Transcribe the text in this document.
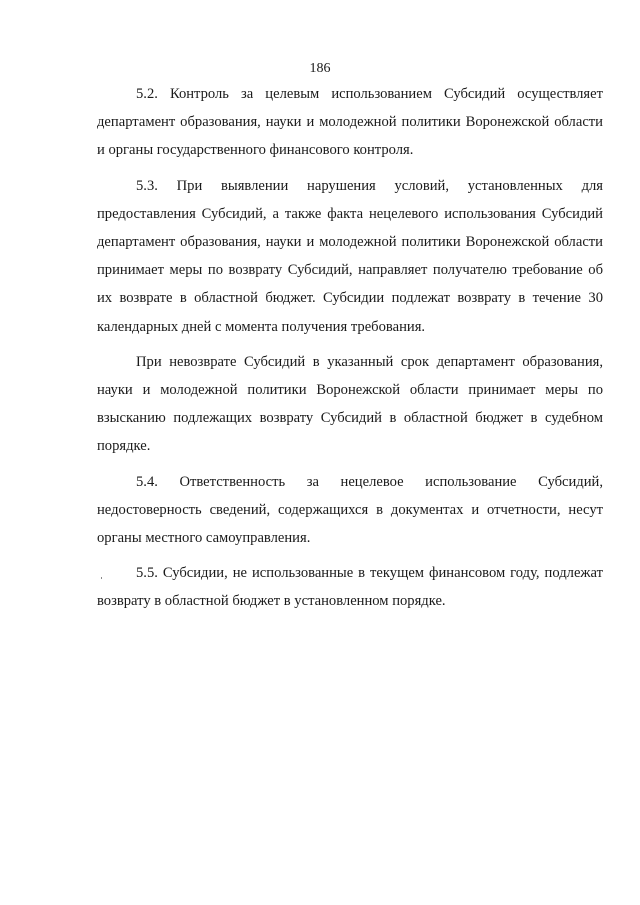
186

5.2. Контроль за целевым использованием Субсидий осуществляет департамент образования, науки и молодежной политики Воронежской области и органы государственного финансового контроля.

5.3. При выявлении нарушения условий, установленных для предоставления Субсидий, а также факта нецелевого использования Субсидий департамент образования, науки и молодежной политики Воронежской области принимает меры по возврату Субсидий, направляет получателю требование об их возврате в областной бюджет. Субсидии подлежат возврату в течение 30 календарных дней с момента получения требования.

При невозврате Субсидий в указанный срок департамент образования, науки и молодежной политики Воронежской области принимает меры по взысканию подлежащих возврату Субсидий в областной бюджет в судебном порядке.

5.4. Ответственность за нецелевое использование Субсидий, недостоверность сведений, содержащихся в документах и отчетности, несут органы местного самоуправления.

5.5. Субсидии, не использованные в текущем финансовом году, подлежат возврату в областной бюджет в установленном порядке.
